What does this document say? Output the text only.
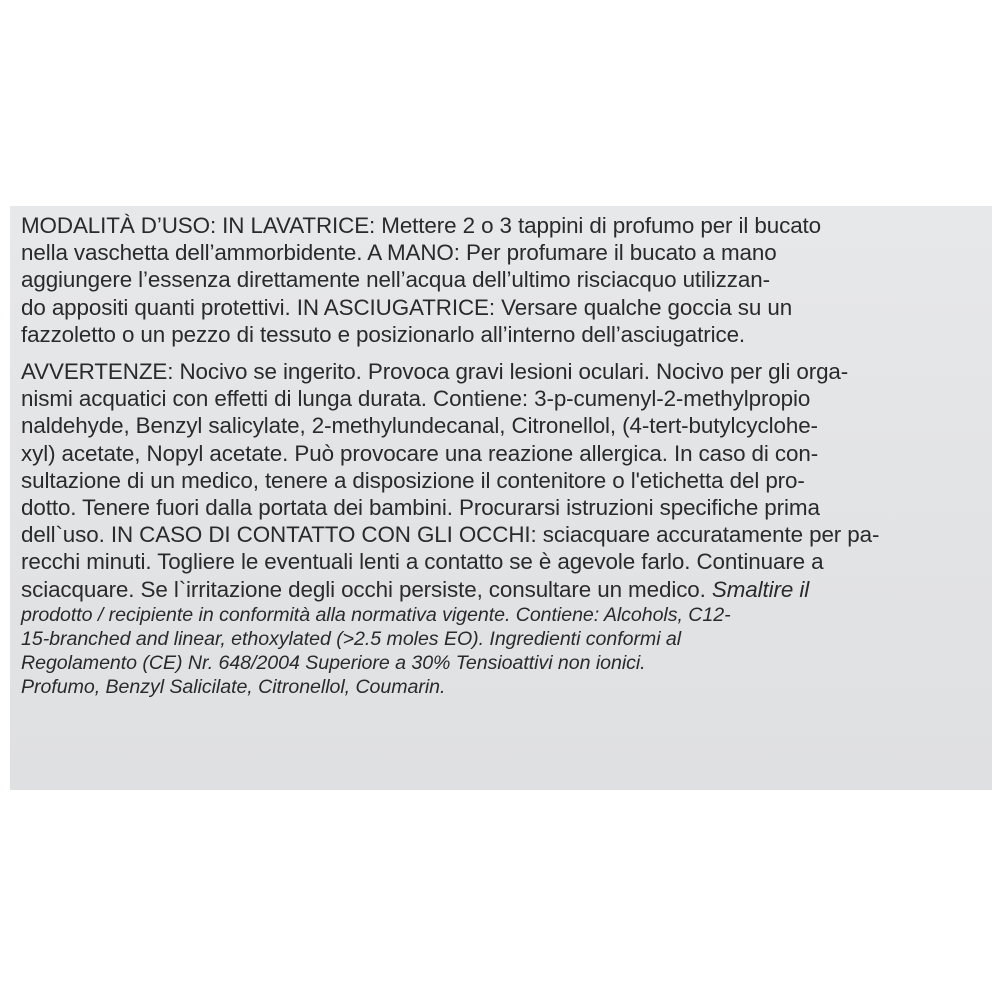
MODALITÀ D’USO: IN LAVATRICE: Mettere 2 o 3 tappini di profumo per il bucato

nella vaschetta dell’ammorbidente. A MANO: Per profumare il bucato a mano

aggiungere l’essenza direttamente nell’acqua dell’ultimo risciacquo utilizzan-

do appositi quanti protettivi. IN ASCIUGATRICE: Versare qualche goccia su un

fazzoletto o un pezzo di tessuto e posizionarlo all’interno dell’asciugatrice.

AVVERTENZE: Nocivo se ingerito. Provoca gravi lesioni oculari. Nocivo per gli orga-

nismi acquatici con effetti di lunga durata. Contiene: 3-p-cumenyl-2-methylpropio

naldehyde, Benzyl salicylate, 2-methylundecanal, Citronellol, (4-tert-butylcyclohe-

xyl) acetate, Nopyl acetate. Può provocare una reazione allergica. In caso di con-

sultazione di un medico, tenere a disposizione il contenitore o l'etichetta del pro-

dotto. Tenere fuori dalla portata dei bambini. Procurarsi istruzioni specifiche prima

dell`uso. IN CASO DI CONTATTO CON GLI OCCHI: sciacquare accuratamente per pa-

recchi minuti. Togliere le eventuali lenti a contatto se è agevole farlo. Continuare a

sciacquare. Se l`irritazione degli occhi persiste, consultare un medico. Smaltire il

prodotto / recipiente in conformità alla normativa vigente. Contiene: Alcohols, C12-

15-branched and linear, ethoxylated (>2.5 moles EO). Ingredienti conformi al

Regolamento (CE) Nr. 648/2004 Superiore a 30% Tensioattivi non ionici.

Profumo, Benzyl Salicilate, Citronellol, Coumarin.
